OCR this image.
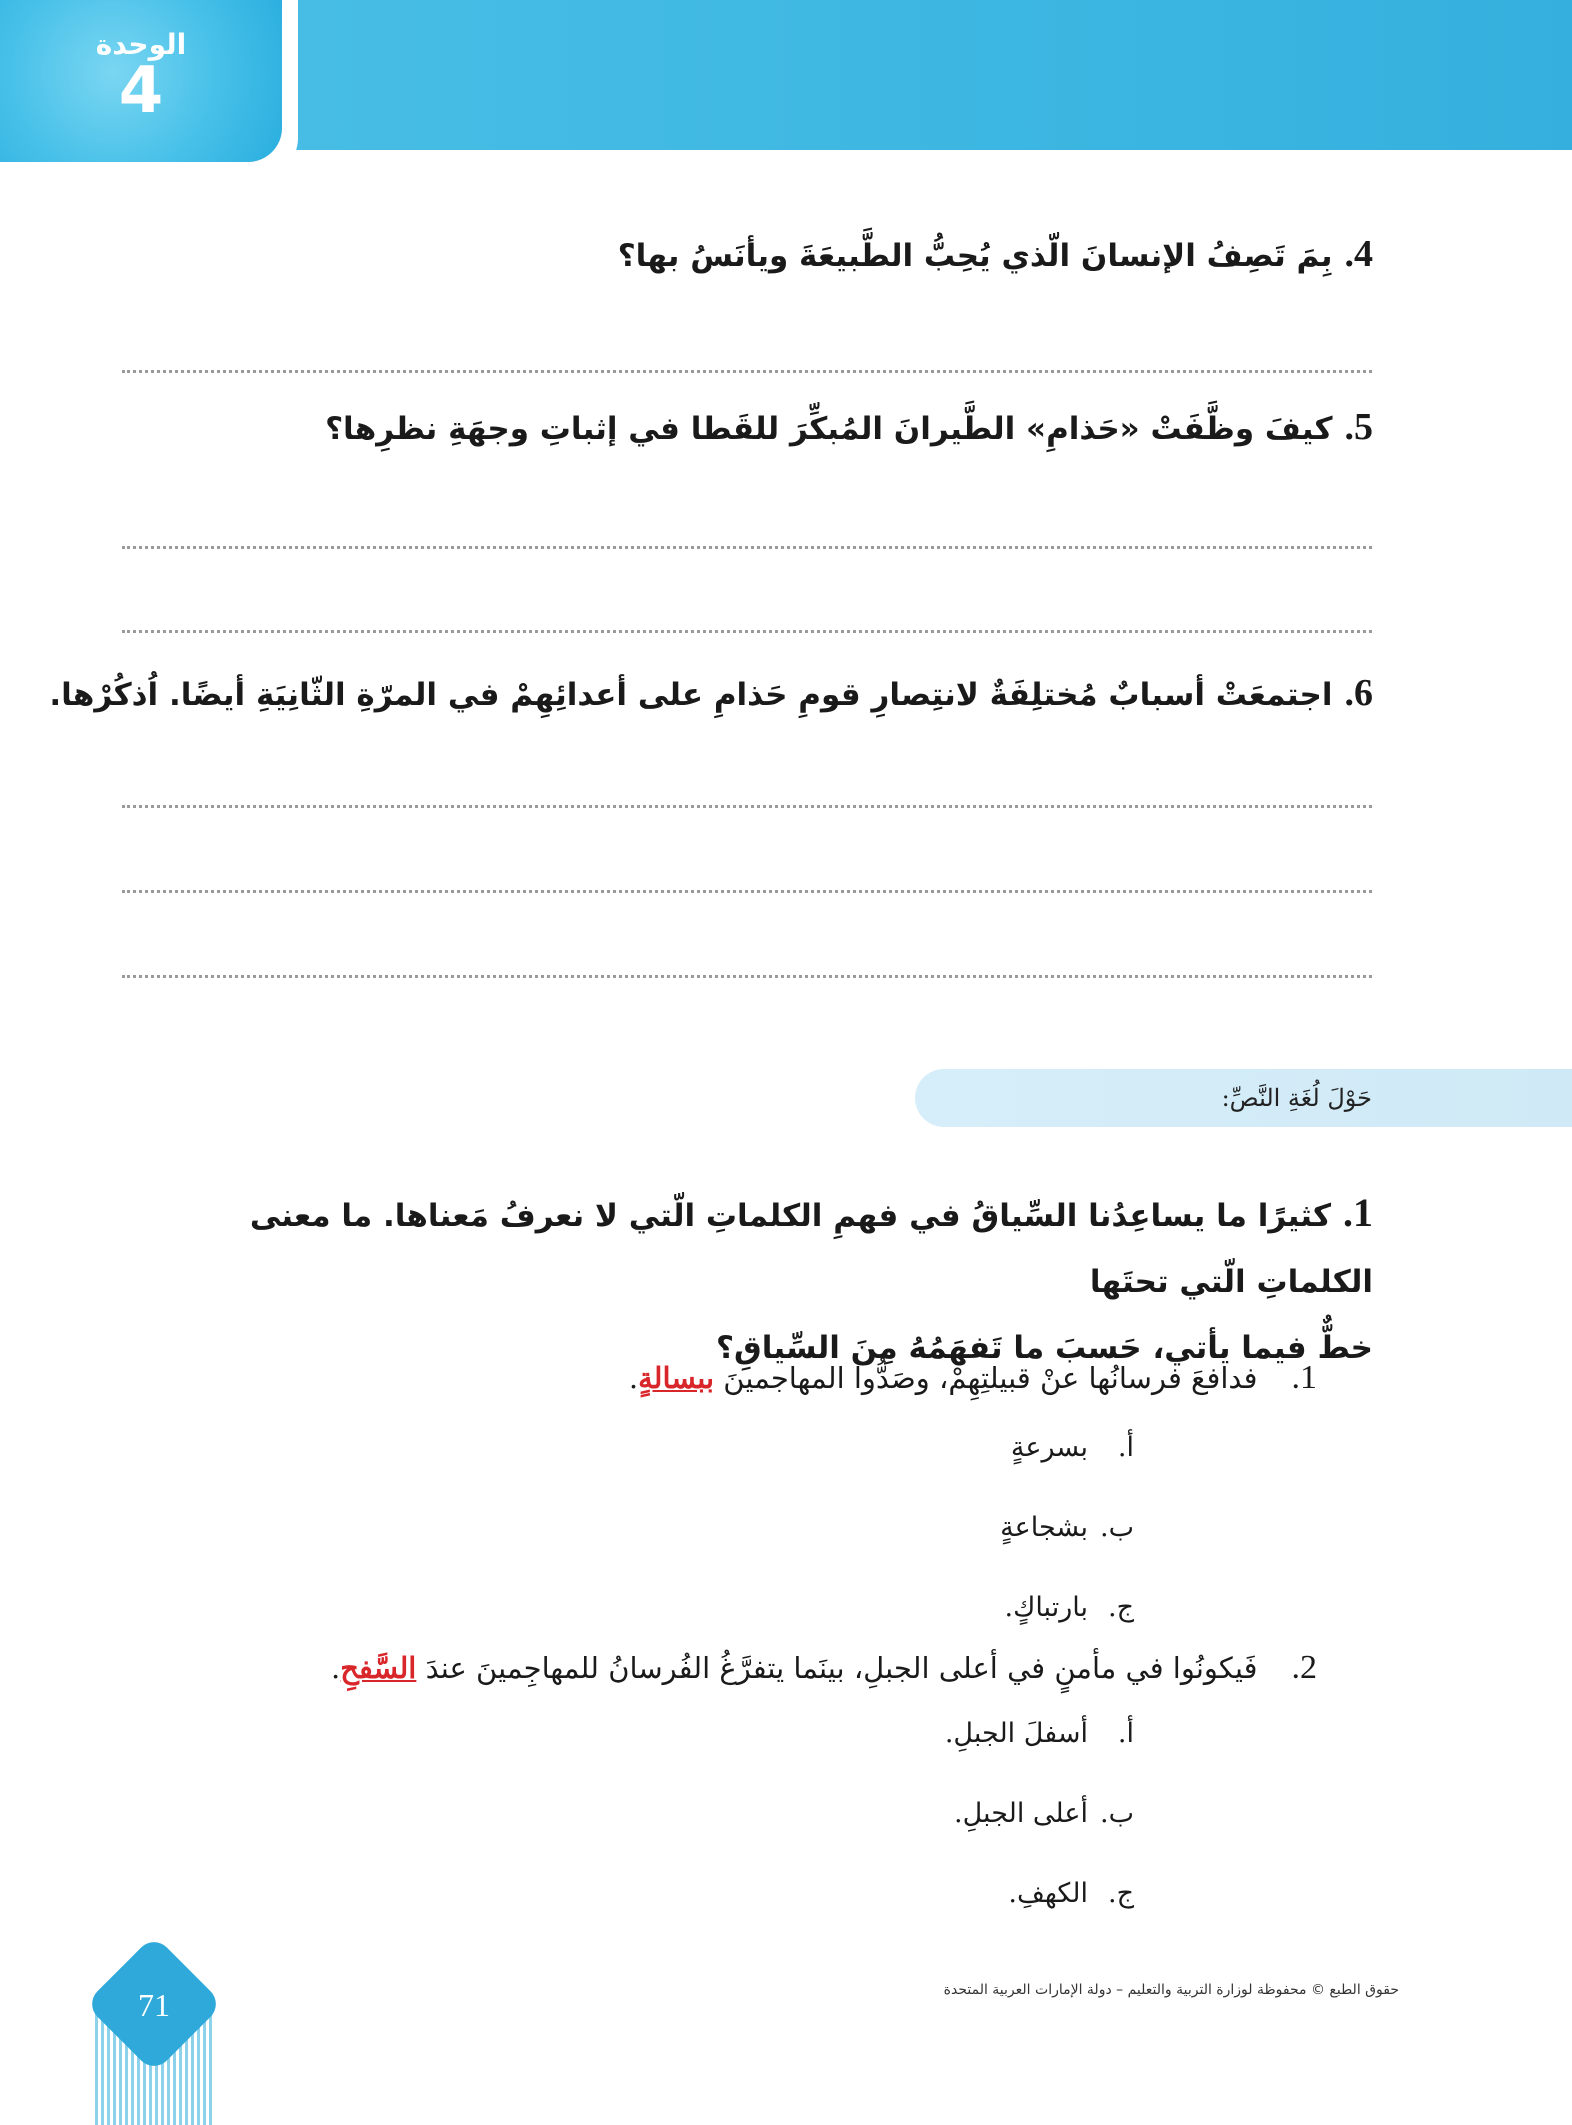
الوحدة
4
4.بِمَ تَصِفُ الإنسانَ الّذي يُحِبُّ الطَّبيعَةَ ويأنَسُ بها؟
5.كيفَ وظَّفَتْ «حَذامِ» الطَّيرانَ المُبكِّرَ للقَطا في إثباتِ وجهَةِ نظرِها؟
6.اجتمعَتْ أسبابٌ مُختلِفَةٌ لانتِصارِ قومِ حَذامِ على أعدائِهِمْ في المرّةِ الثّانِيَةِ أيضًا. اُذكُرْها.
حَوْلَ لُغَةِ النَّصِّ:
1.كثيرًا ما يساعِدُنا السِّياقُ في فهمِ الكلماتِ الّتي لا نعرفُ مَعناها. ما معنى الكلماتِ الّتي تحتَها
خطٌّ فيما يأتي، حَسبَ ما تَفهَمُهُ مِنَ السِّياقِ؟
1.فدافعَ فرسانُها عنْ قبيلتِهِمْ، وصَدُّوا المهاجمينَ ببسالةٍ.
أ.بسرعةٍ
ب.بشجاعةٍ
ج.بارتباكٍ.
2.فَيكونُوا في مأمنٍ في أعلى الجبلِ، بينَما يتفرَّغُ الفُرسانُ للمهاجِمينَ عندَ السَّفحِ.
أ.أسفلَ الجبلِ.
ب.أعلى الجبلِ.
ج.الكهفِ.
71	حقوق الطبع © محفوظة لوزارة التربية والتعليم – دولة الإمارات العربية المتحدة
